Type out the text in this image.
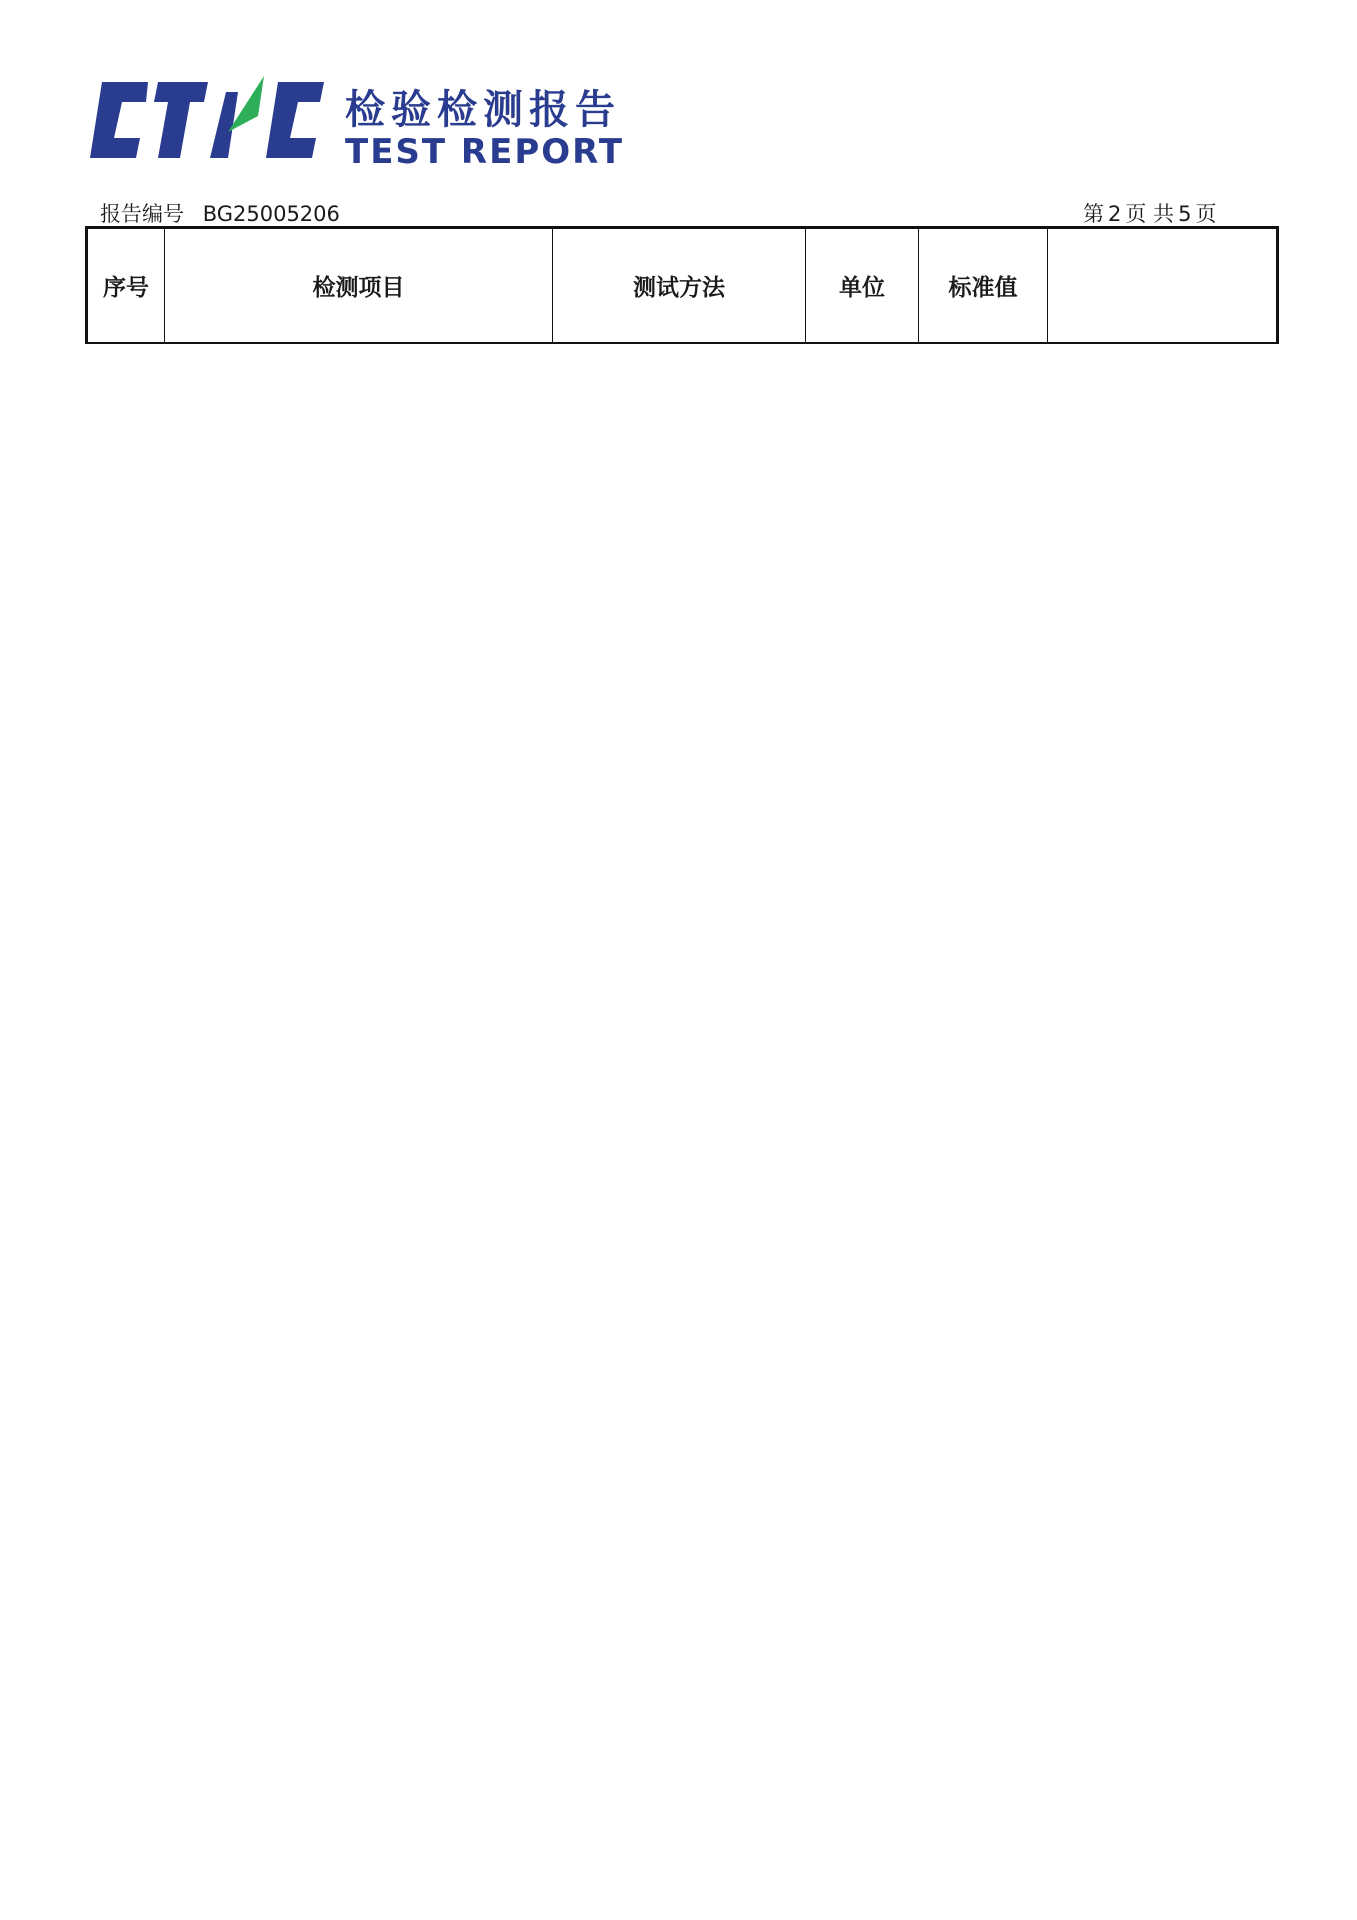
检验检测报告
TEST REPORT
报告编号 BG25005206	第 2 页 共 5 页
序号	检测项目	测试方法	单位	标准值
